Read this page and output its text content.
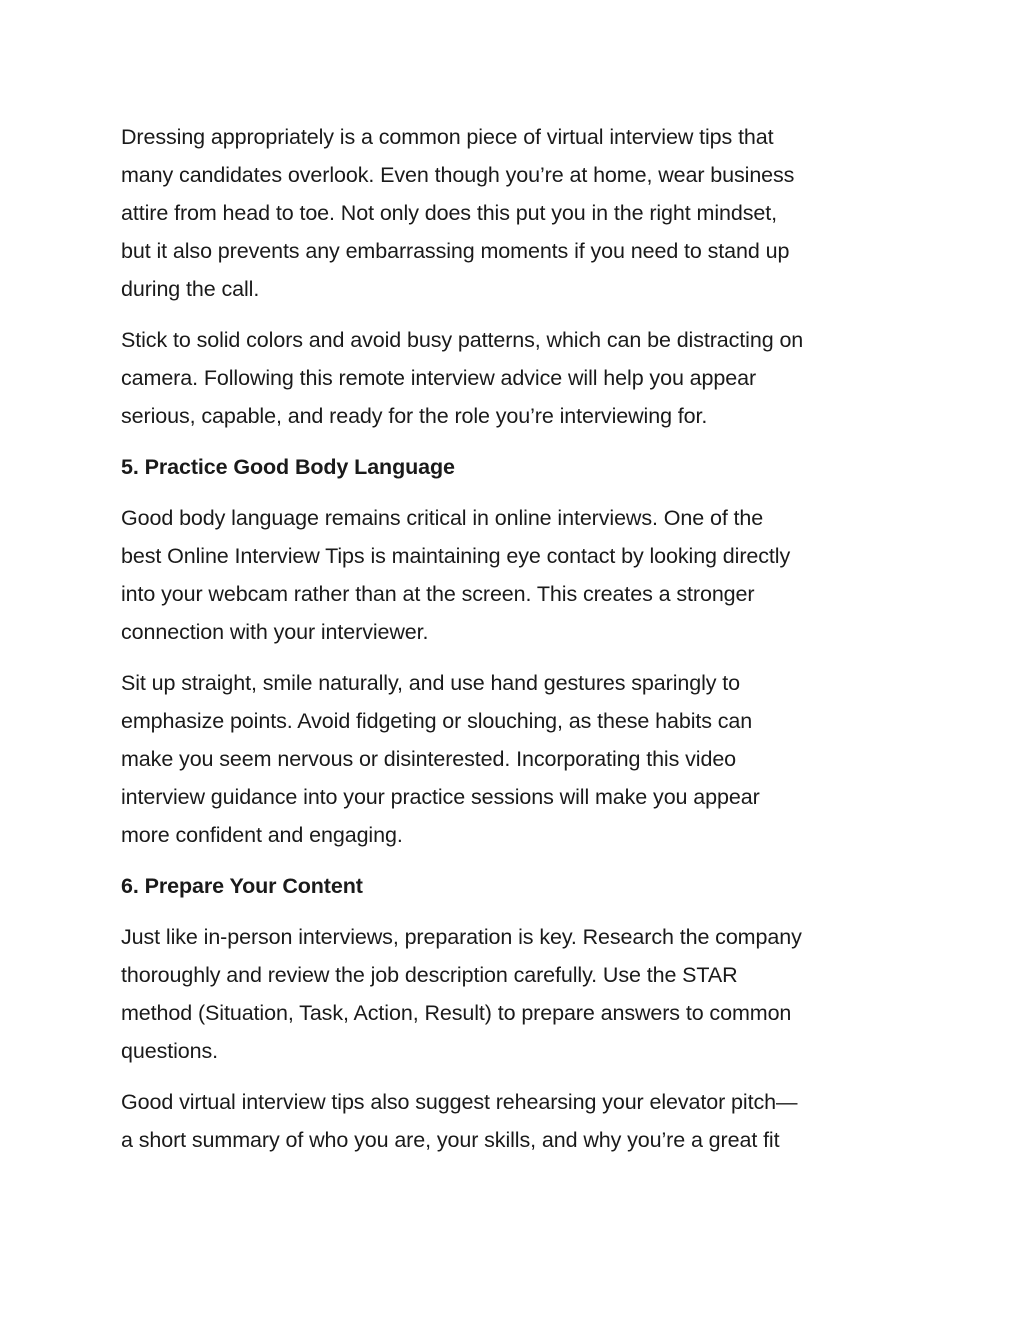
Dressing appropriately is a common piece of virtual interview tips that
many candidates overlook. Even though you’re at home, wear business
attire from head to toe. Not only does this put you in the right mindset,
but it also prevents any embarrassing moments if you need to stand up
during the call.
Stick to solid colors and avoid busy patterns, which can be distracting on
camera. Following this remote interview advice will help you appear
serious, capable, and ready for the role you’re interviewing for.
5. Practice Good Body Language
Good body language remains critical in online interviews. One of the
best Online Interview Tips is maintaining eye contact by looking directly
into your webcam rather than at the screen. This creates a stronger
connection with your interviewer.
Sit up straight, smile naturally, and use hand gestures sparingly to
emphasize points. Avoid fidgeting or slouching, as these habits can
make you seem nervous or disinterested. Incorporating this video
interview guidance into your practice sessions will make you appear
more confident and engaging.
6. Prepare Your Content
Just like in-person interviews, preparation is key. Research the company
thoroughly and review the job description carefully. Use the STAR
method (Situation, Task, Action, Result) to prepare answers to common
questions.
Good virtual interview tips also suggest rehearsing your elevator pitch—
a short summary of who you are, your skills, and why you’re a great fit
